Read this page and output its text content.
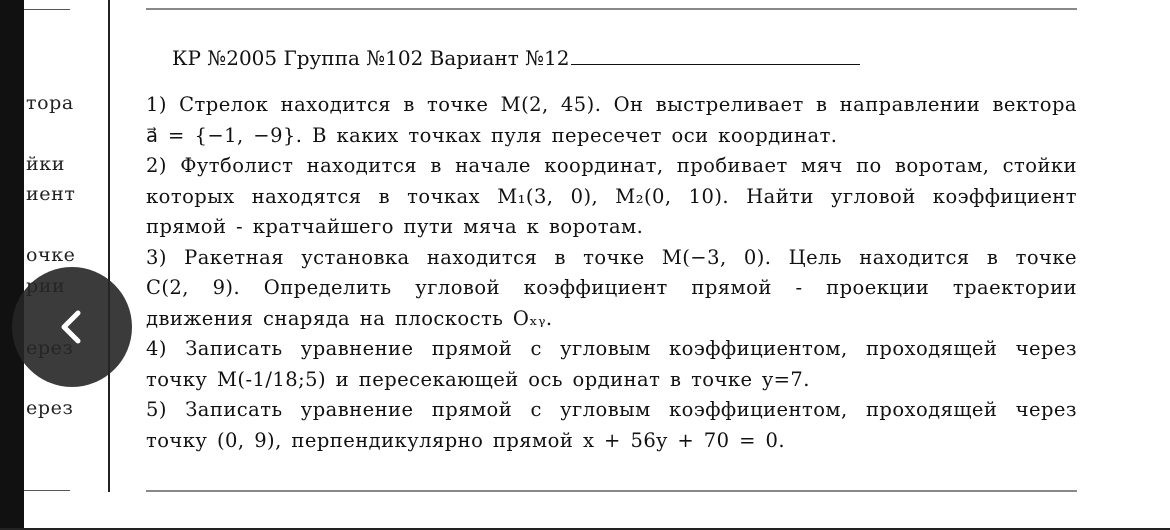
тора
йки
иент
очке
ерез
КР №2005 Группа №102 Вариант №12
1) Стрелок находится в точке M(2, 45). Он выстреливает в направлении вектора
a⃗ = {−1, −9}. В каких точках пуля пересечет оси координат.
2) Футболист находится в начале координат, пробивает мяч по воротам, стойки
которых находятся в точках M₁(3, 0), M₂(0, 10). Найти угловой коэффициент
прямой - кратчайшего пути мяча к воротам.
3) Ракетная установка находится в точке M(−3, 0). Цель находится в точке
C(2, 9). Определить угловой коэффициент прямой - проекции траектории
движения снаряда на плоскость Oₓᵧ.
4) Записать уравнение прямой с угловым коэффициентом, проходящей через
точку M(-1/18;5) и пересекающей ось ординат в точке y=7.
5) Записать уравнение прямой с угловым коэффициентом, проходящей через
точку (0, 9), перпендикулярно прямой x + 56y + 70 = 0.
